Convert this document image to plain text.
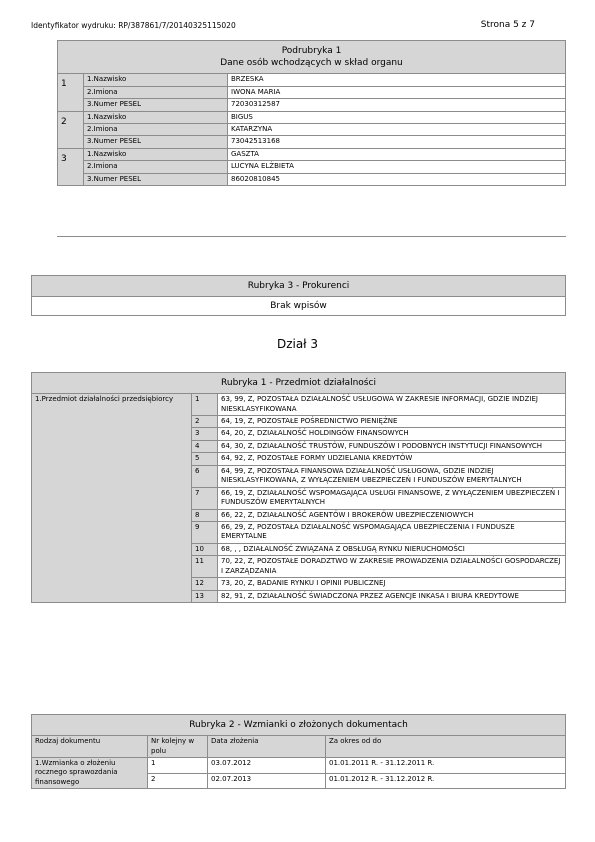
Identyfikator wydruku: RP/387861/7/20140325115020	Strona 5 z 7
Podrubryka 1
Dane osób wchodzących w skład organu		

1	1.Nazwisko	BRZESKA
	2.Imiona	IWONA MARIA
	3.Numer PESEL	72030312587
2	1.Nazwisko	BIGUS
	2.Imiona	KATARZYNA
	3.Numer PESEL	73042513168
3	1.Nazwisko	GASZTA
	2.Imiona	LUCYNA ELŻBIETA
	3.Numer PESEL	86020810845
Rubryka 3 - Prokurenci
Brak wpisów
Dział 3
Rubryka 1 - Przedmiot działalności		
1.Przedmiot działalności przedsiębiorcy	1	63, 99, Z, POZOSTAŁA DZIAŁALNOŚĆ USŁUGOWA W ZAKRESIE INFORMACJI, GDZIE INDZIEJ NIESKLASYFIKOWANA
	2	64, 19, Z, POZOSTAŁE POŚREDNICTWO PIENIĘŻNE
	3	64, 20, Z, DZIAŁALNOŚĆ HOLDINGÓW FINANSOWYCH
	4	64, 30, Z, DZIAŁALNOŚĆ TRUSTÓW, FUNDUSZÓW I PODOBNYCH INSTYTUCJI FINANSOWYCH
	5	64, 92, Z, POZOSTAŁE FORMY UDZIELANIA KREDYTÓW
	6	64, 99, Z, POZOSTAŁA FINANSOWA DZIAŁALNOŚĆ USŁUGOWA, GDZIE INDZIEJ NIESKLASYFIKOWANA, Z WYŁĄCZENIEM UBEZPIECZEŃ I FUNDUSZÓW EMERYTALNYCH
	7	66, 19, Z, DZIAŁALNOŚĆ WSPOMAGAJĄCA USŁUGI FINANSOWE, Z WYŁĄCZENIEM UBEZPIECZEŃ I FUNDUSZÓW EMERYTALNYCH
	8	66, 22, Z, DZIAŁALNOŚĆ AGENTÓW I BROKERÓW UBEZPIECZENIOWYCH
	9	66, 29, Z, POZOSTAŁA DZIAŁALNOŚĆ WSPOMAGAJĄCA UBEZPIECZENIA I FUNDUSZE EMERYTALNE
	10	68, , , DZIAŁALNOŚĆ ZWIĄZANA Z OBSŁUGĄ RYNKU NIERUCHOMOŚCI
	11	70, 22, Z, POZOSTAŁE DORADZTWO W ZAKRESIE PROWADZENIA DZIAŁALNOŚCI GOSPODARCZEJ I ZARZĄDZANIA
	12	73, 20, Z, BADANIE RYNKU I OPINII PUBLICZNEJ
	13	82, 91, Z, DZIAŁALNOŚĆ ŚWIADCZONA PRZEZ AGENCJE INKASA I BIURA KREDYTOWE
Rubryka 2 - Wzmianki o złożonych dokumentach			
Rodzaj dokumentu	Nr kolejny w polu	Data złożenia	Za okres od do
1.Wzmianka o złożeniu rocznego sprawozdania finansowego	1	03.07.2012	01.01.2011 R. - 31.12.2011 R.
	2	02.07.2013	01.01.2012 R. - 31.12.2012 R.
